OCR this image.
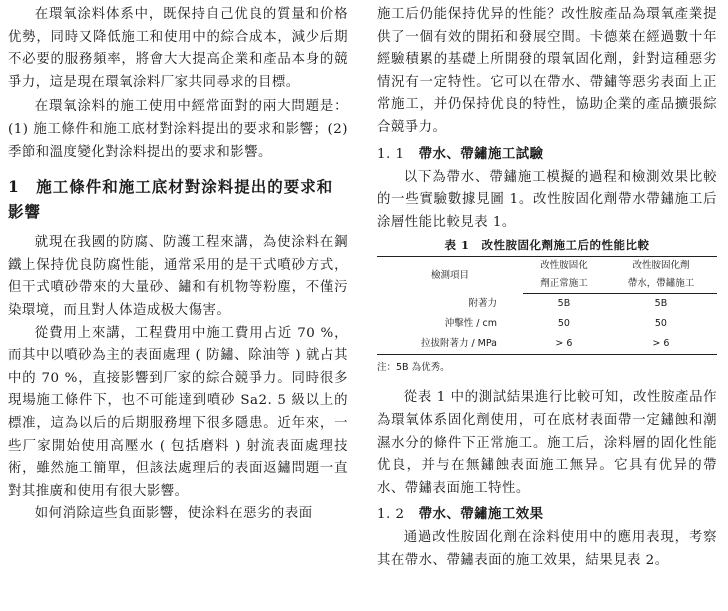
在環氧涂料体系中，既保持自己优良的質量和价格优勢，同時又降低施工和使用中的綜合成本，減少后期不必要的服務頻率，將會大大提高企業和產品本身的競爭力，這是現在環氧涂料厂家共同尋求的目標。

在環氧涂料的施工使用中經常面對的兩大問題是：(1) 施工條件和施工底材對涂料提出的要求和影響；(2) 季節和溫度變化對涂料提出的要求和影響。

1　施工條件和施工底材對涂料提出的要求和影響

就現在我國的防腐、防護工程來講，為使涂料在鋼鐵上保持优良防腐性能，通常采用的是干式噴砂方式，但干式噴砂帶來的大量砂、鏽和有机物等粉塵，不僅污染環境，而且對人体造成极大傷害。

從費用上來講，工程費用中施工費用占近 70 %，而其中以噴砂為主的表面處理 ( 防鏽、除油等 ) 就占其中的 70 %，直接影響到厂家的綜合競爭力。同時很多現場施工條件下，也不可能達到噴砂 Sa2. 5 級以上的標准，這為以后的后期服務埋下很多隱患。近年來，一些厂家開始使用高壓水 ( 包括磨料 ) 射流表面處理技術，雖然施工簡單，但該法處理后的表面返鏽問題一直對其推廣和使用有很大影響。

如何消除這些負面影響，使涂料在惡劣的表面

施工后仍能保持优异的性能？改性胺產品為環氧產業提供了一個有效的開拓和發展空間。卡德萊在經過數十年經驗積累的基礎上所開發的環氧固化劑，針對這種惡劣情況有一定特性。它可以在帶水、帶鏽等惡劣表面上正常施工，并仍保持优良的特性，協助企業的產品擴張綜合競爭力。

1. 1 帶水、帶鏽施工試驗

以下為帶水、帶鏽施工模擬的過程和檢測效果比較的一些實驗數據見圖 1。改性胺固化劑帶水帶鏽施工后涂層性能比較見表 1。

表 1　改性胺固化劑施工后的性能比較
檢測項目	改性胺固化	改性胺固化劑
	劑正常施工	帶水，帶鏽施工
附著力	5B	5B
沖擊性 / cm	50	50
拉拔附著力 / MPa	> 6	> 6
注：5B 為优秀。

從表 1 中的測試結果進行比較可知，改性胺產品作為環氧体系固化劑使用，可在底材表面帶一定鏽蝕和潮濕水分的條件下正常施工。施工后，涂料層的固化性能优良，并与在無鏽蝕表面施工無异。它具有优异的帶水、帶鏽表面施工特性。

1. 2 帶水、帶鏽施工效果

通過改性胺固化劑在涂料使用中的應用表現，考察其在帶水、帶鏽表面的施工效果，結果見表 2。
